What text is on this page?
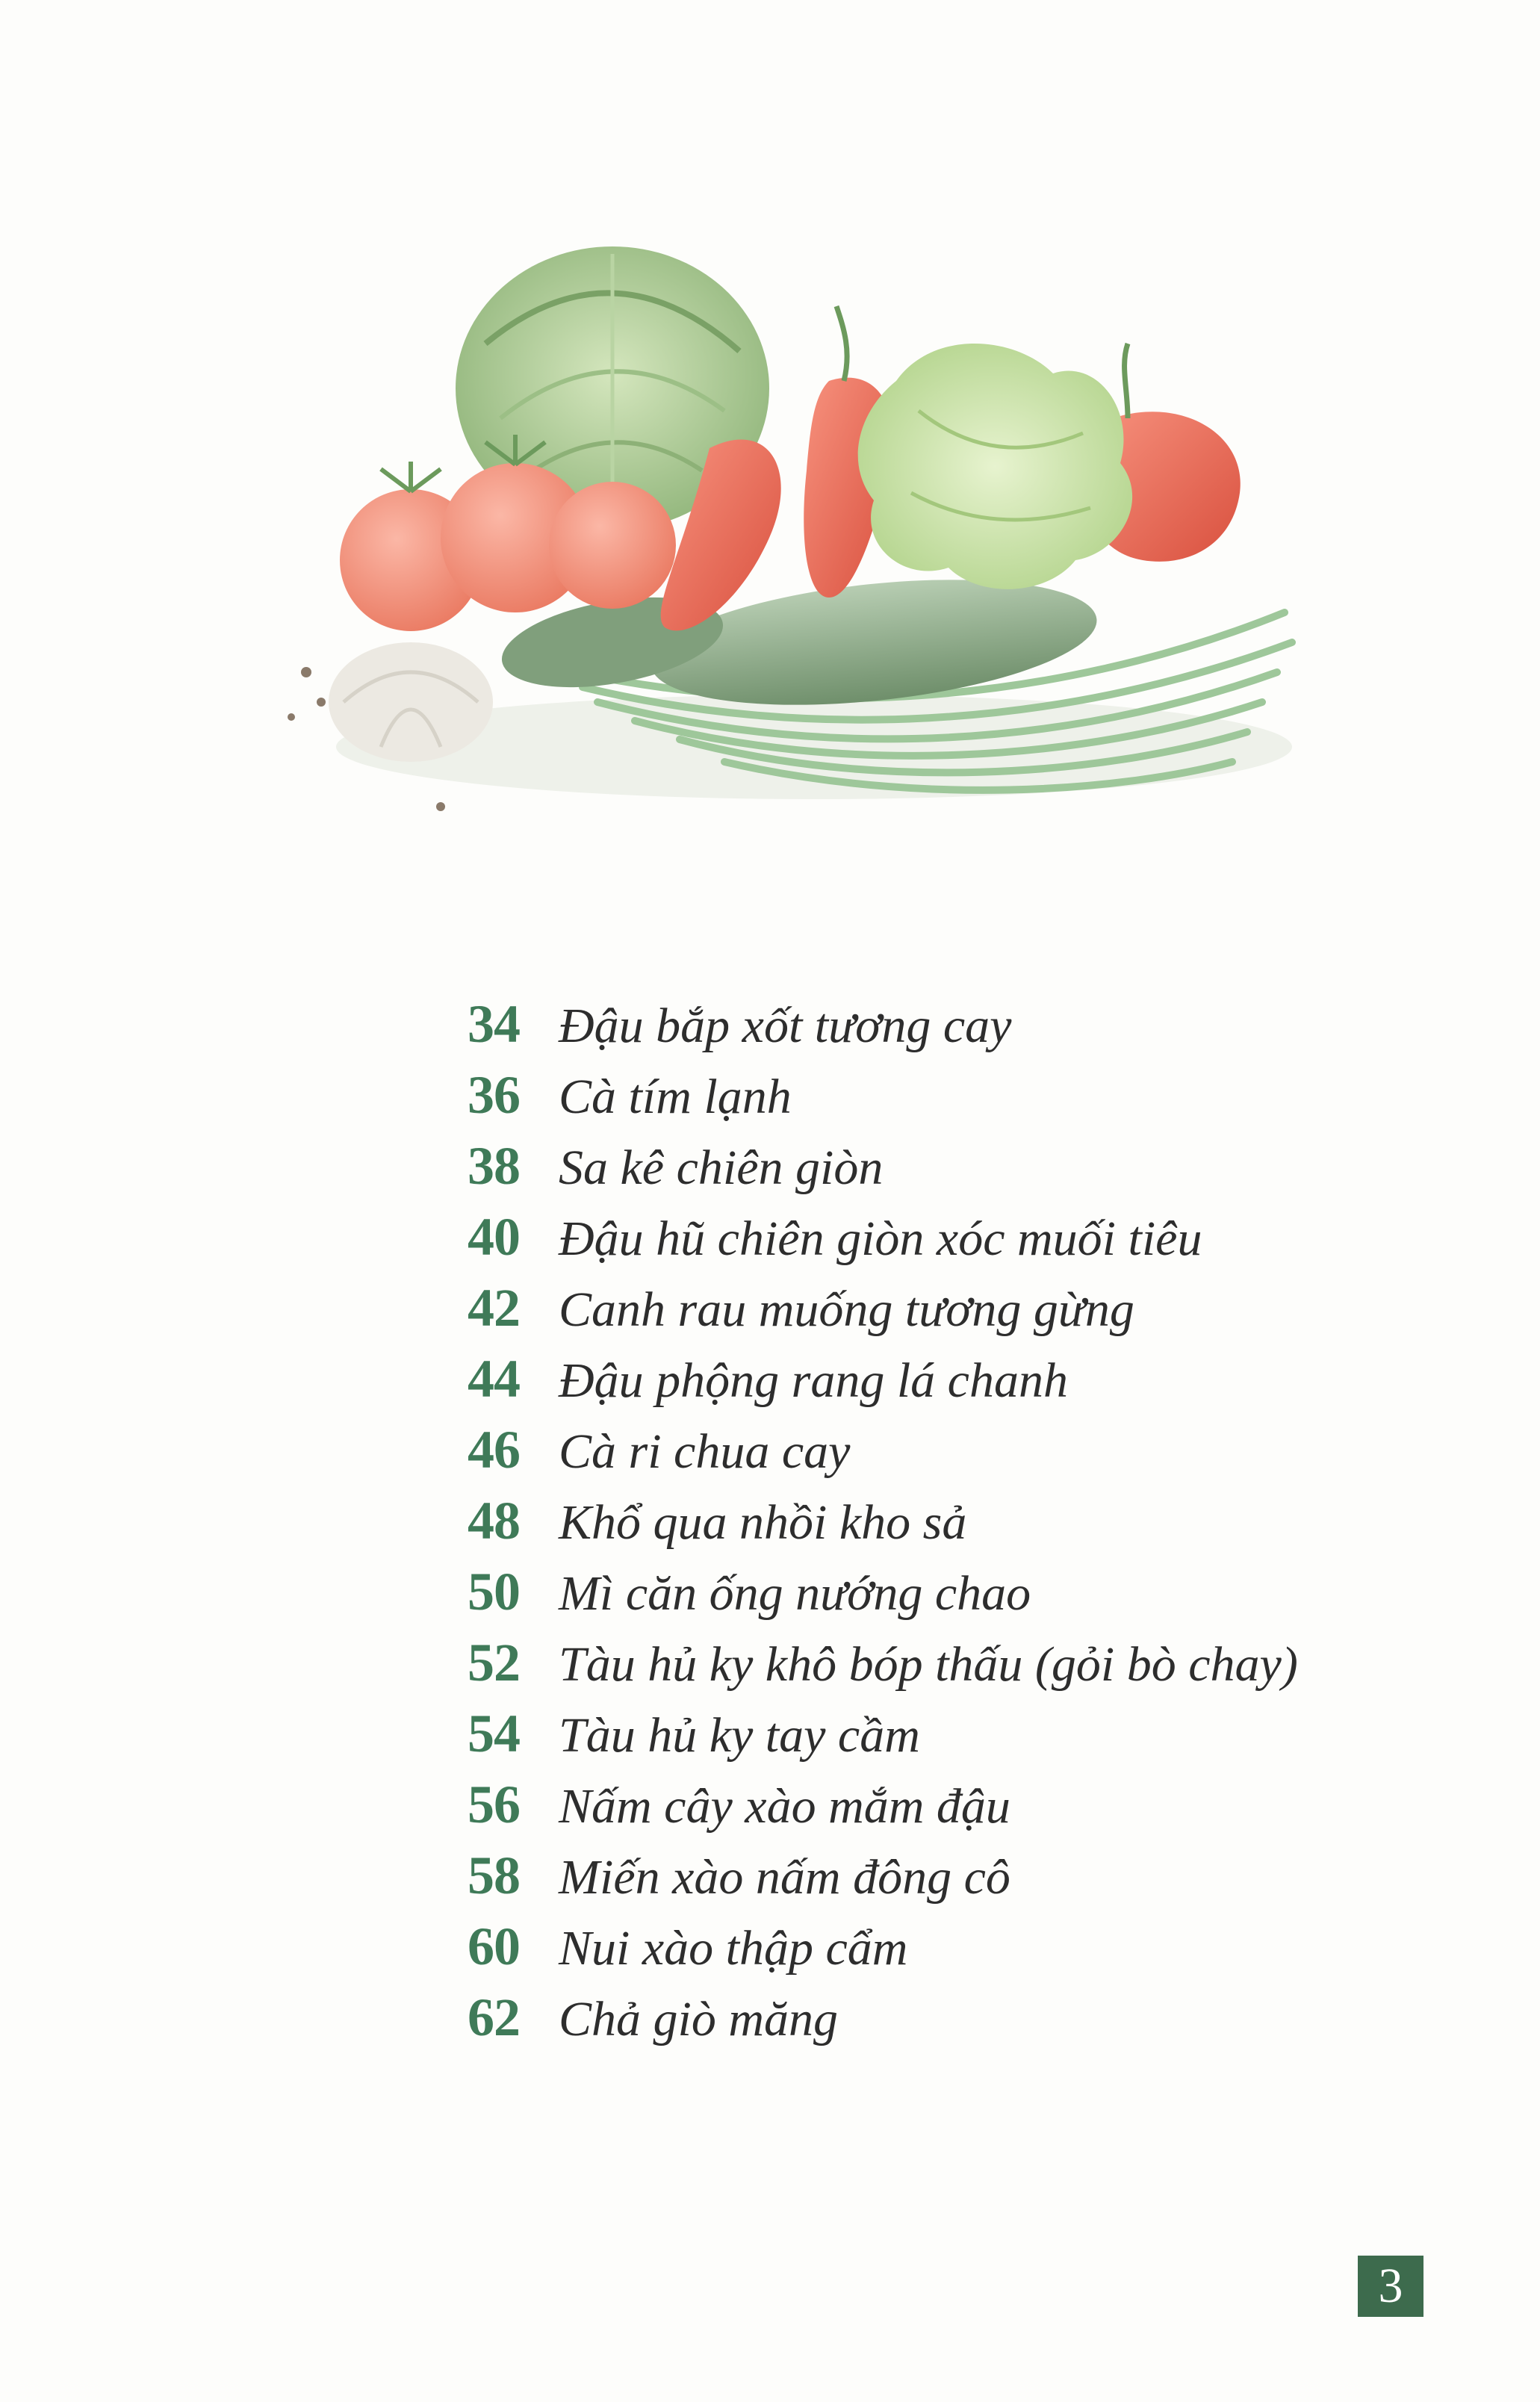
34 Đậu bắp xốt tương cay
36 Cà tím lạnh
38 Sa kê chiên giòn
40 Đậu hũ chiên giòn xóc muối tiêu
42 Canh rau muống tương gừng
44 Đậu phộng rang lá chanh
46 Cà ri chua cay
48 Khổ qua nhồi kho sả
50 Mì căn ống nướng chao
52 Tàu hủ ky khô bóp thấu (gỏi bò chay)
54 Tàu hủ ky tay cầm
56 Nấm cây xào mắm đậu
58 Miến xào nấm đông cô
60 Nui xào thập cẩm
62 Chả giò măng
3
